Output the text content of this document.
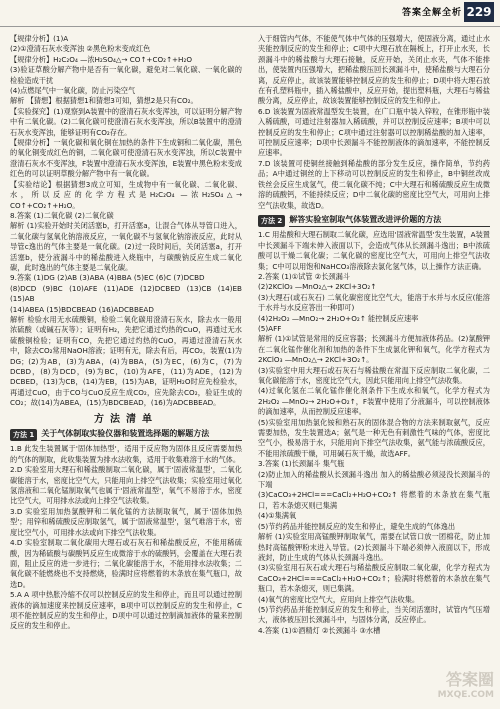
答案全解全析 229

【规律分析】(1)A

(2)①澄清石灰水变浑浊 ②黑色粉末变成红色

【规律分析】H₂C₂O₄ —浓H₂SO₄△→ CO↑+CO₂↑+H₂O

(3)验证草酸分解产物中是否有一氧化碳，避免对二氧化碳、一氧化碳的检验造成干扰

(4)点燃尾气中一氧化碳，防止污染空气

解析 【猜想】根据猜想1和猜想3可知，猜想2是只有CO₂。

【实验探究】(1)观察到A装置中的澄清石灰水变浑浊，可以证明分解产物中有二氧化碳。(2)二氧化碳可使澄清石灰水变浑浊，所以B装置中的澄清石灰水变浑浊，能够证明有CO₂存在。

【规律分析】一氧化碳和氧化铜在加热的条件下生成铜和二氧化碳，黑色的氧化铜变成红色的铜，二氧化碳可使澄清石灰水变浑浊，所以C装置中澄清石灰水不变浑浊，F装置中澄清石灰水变浑浊，E装置中黑色粉末变成红色的可以证明草酸分解产物中有一氧化碳。

【实验结论】根据猜想3成立可知，生成物中有一氧化碳、二氧化碳、水，所以反应的化学方程式是H₂C₂O₄ —浓H₂SO₄△→ CO↑+CO₂↑+H₂O。

8.答案 (1)二氧化碳 (2)二氧化碳

解析 (1)实验开始时关闭活塞b，打开活塞a，让混合气体从导管口进入，二氧化碳与氢氧化钠溶液反应，一氧化碳不与氢氧化钠溶液反应，此时从导管c逸出的气体主要是一氧化碳。(2)过一段时间后，关闭活塞a，打开活塞b，使分液漏斗中的稀盐酸进入烧瓶中，与碳酸钠反应生成二氧化碳，此时逸出的气体主要是二氧化碳。

9.答案 (1)DG (2)AB (3)ABA (4)BBA (5)EC (6)C (7)DCBD

(8)DCD (9)BC (10)AFE (11)ADE (12)DCBED (13)CB (14)EB (15)AB

(14)ABEA (15)BDCBEAD (16)ADCBBEAD

解析 检验水用无水硫酸铜，检验二氧化碳用澄清石灰水，除去水一般用浓硫酸（或碱石灰等）；证明有H₂，先把它通过灼热的CuO，再通过无水硫酸铜检验；证明有CO，先把它通过灼热的CuO，再通过澄清石灰水中，除去CO₂常用NaOH溶液；证明有无，除去有后，再CO₂，装置(1)为DG；(2)为AB，(3)为ABA，(4)为BBA，(5)为EC，(6)为C，(7)为DCBD，(8)为DCD，(9)为BC，(10)为AFE，(11)为ADE，(12)为DCBED，(13)为CB，(14)为EB，(15)为AB，证明H₂O时应先检验水，再通过CuO，由于CO与CuO反应生成CO₂，应先除去CO₂，验证生成的CO₂；故(14)为ABEA，(15)为BDCBEAD，(16)为ADCBBEAD。

方法清单
方法 1 关于气体制取实验仪器和装置选择题的解题方法

1.B 此发生装置属于'固体加热型'，适用于反应物为固体且反应需要加热的气体的制取，此收集装置为排水法收集，适用于收集难溶于水的气体。

2.D 实验室用大理石和稀盐酸制取二氧化碳，属于'固液常温型'，二氧化碳能溶于水，密度比空气大，只能用向上排空气法收集；实验室用过氧化氢溶液和二氧化锰制取氧气也属于'固液常温型'，氧气不易溶于水，密度比空气大，可用排水法或向上排空气法收集。

3.D 实验室用加热氯酸钾和二氧化锰的方法制取氧气，属于'固体加热型'；用锌和稀硫酸反应制取氢气，属于'固液常温型'，氢气难溶于水，密度比空气小，可用排水法或向下排空气法收集。

4.D 实验室制取二氧化碳用大理石或石灰石和稀盐酸反应，不能用稀硫酸，因为稀硫酸与碳酸钙反应生成微溶于水的硫酸钙，会覆盖在大理石表面，阻止反应的进一步进行；二氧化碳能溶于水，不能用排水法收集；二氧化碳不能燃烧也不支持燃烧，验满时应将燃着的木条放在集气瓶口，故选D。

5.A A 项中热胀冷缩不仅可以控制反应的发生和停止，而且可以通过控制液体的滴加速度来控制反应速率，B项中可以控制反应的发生和停止，C项不能控制反应的发生和停止，D项中可以通过控制滴加液体的量来控制反应的发生和停止。

入于细管内气体，不能使气体中气体的压强增大，使固液分离，通过止水夹能控制反应的发生和停止；C项中大理石放在隔板上，打开止水夹，长颈漏斗中的稀盐酸与大理石接触，反应开始，关闭止水夹，气体不能排出，使装置内压强增大，把稀盐酸压回长颈漏斗中，使稀盐酸与大理石分离，反应停止，故该装置能够控制反应的发生和停止；D项中将大理石放在有孔塑料瓶中，插入稀盐酸中，反应开始，提出塑料瓶，大理石与稀盐酸分离，反应停止，故该装置能够控制反应的发生和停止。

6.D 该装置为固液常温型发生装置，在广口瓶中装入锌粒，在锥形瓶中装入稀硫酸，可通过注射器加入稀硫酸，并可以控制反应速率；B项中可以控制反应的发生和停止；C项中通过注射器可以控制稀盐酸的加入速率，可控制反应速率；D项中长颈漏斗不能控制液体的滴加速率，不能控制反应速率。

7.D 该装置可使铜丝接触到稀盐酸的部分发生反应，操作简单，节约药品；A中通过铜丝的上下移动可以控制反应的发生和停止，B中铜丝改成铁丝会反应生成氢气，使二氧化碳不纯；C中大理石和稀硫酸反应生成微溶的硫酸钙，不能持续反应；D中二氧化碳的密度比空气大，可用向上排空气法收集，故选D。

方法 2 解答实验室制取气体装置改进评价题的方法

1.C 用盐酸和大理石制取二氧化碳，应选用'固液常温型'发生装置，A装置中长颈漏斗下端未伸入液面以下，会造成气体从长颈漏斗逸出；B中浓硫酸可以干燥二氧化碳；二氧化碳的密度比空气大，可用向上排空气法收集；C中可以用饱和NaHCO₃溶液除去氯化氢气体，以上操作方法正确。

2.答案 (1)①试管 ②长颈漏斗

(2)2KClO₃ —MnO₂△→ 2KCl+3O₂↑

(3)大理石(或石灰石) 二氧化碳密度比空气大，能溶于水并与水反应(能溶于水并与水反应答出一种即可)

(4)2H₂O₂ —MnO₂→ 2H₂O+O₂↑ 能控制反应速率

(5)AFF

解析 (1)①试管是常用的反应容器；长颈漏斗方便加液体药品。(2)氯酸钾在二氧化锰作催化剂和加热的条件下生成氯化钾和氧气，化学方程式为2KClO₃ —MnO₂△→ 2KCl+3O₂↑。

(3)实验室中用大理石或石灰石与稀盐酸在常温下反应制取二氧化碳，二氧化碳能溶于水，密度比空气大，因此只能用向上排空气法收集。

(4)过氧化氢在二氧化锰作催化剂条件下生成水和氧气，化学方程式为2H₂O₂ —MnO₂→ 2H₂O+O₂↑，F装置中使用了分液漏斗，可以控制液体的滴加速率，从而控制反应速率。

(5)实验室用加热氯化铵和熟石灰的固体混合物的方法来制取氨气，反应需要加热，发生装置选A；氨气是一种无色有刺激性气味的气体，密度比空气小，极易溶于水，只能用向下排空气法收集，氨气能与浓硫酸反应，不能用浓硫酸干燥，可用碱石灰干燥，故选AFF。

3.答案 (1)长颈漏斗 集气瓶

(2)防止加入的稀盐酸从长颈漏斗逸出 加入的稀盐酸必须浸没长颈漏斗的下端

(3)CaCO₃+2HCl===CaCl₂+H₂O+CO₂↑ 将燃着的木条放在集气瓶口，若木条熄灭则已集满

(4)①集满氧

(5)节约药品并能控制反应的发生和停止，避免生成的气体逸出

解析 (1)实验室用高锰酸钾制取氧气，需要在试管口放一团棉花，防止加热时高锰酸钾粉末进入导管。(2)长颈漏斗下端必须伸入液面以下，形成液封，防止生成的气体从长颈漏斗逸出。

(3)实验室用石灰石或大理石与稀盐酸反应制取二氧化碳，化学方程式为CaCO₃+2HCl===CaCl₂+H₂O+CO₂↑；验满时将燃着的木条放在集气瓶口，若木条熄灭，则已集满。

(4)氧气的密度比空气大，应用向上排空气法收集。

(5)节约药品并能控制反应的发生和停止，当关闭活塞时，试管内气压增大，液体被压回长颈漏斗中，与固体分离，反应停止。

4.答案 (1)①酒精灯 ②长颈漏斗 ③水槽

答案圈
MXQE.COM
